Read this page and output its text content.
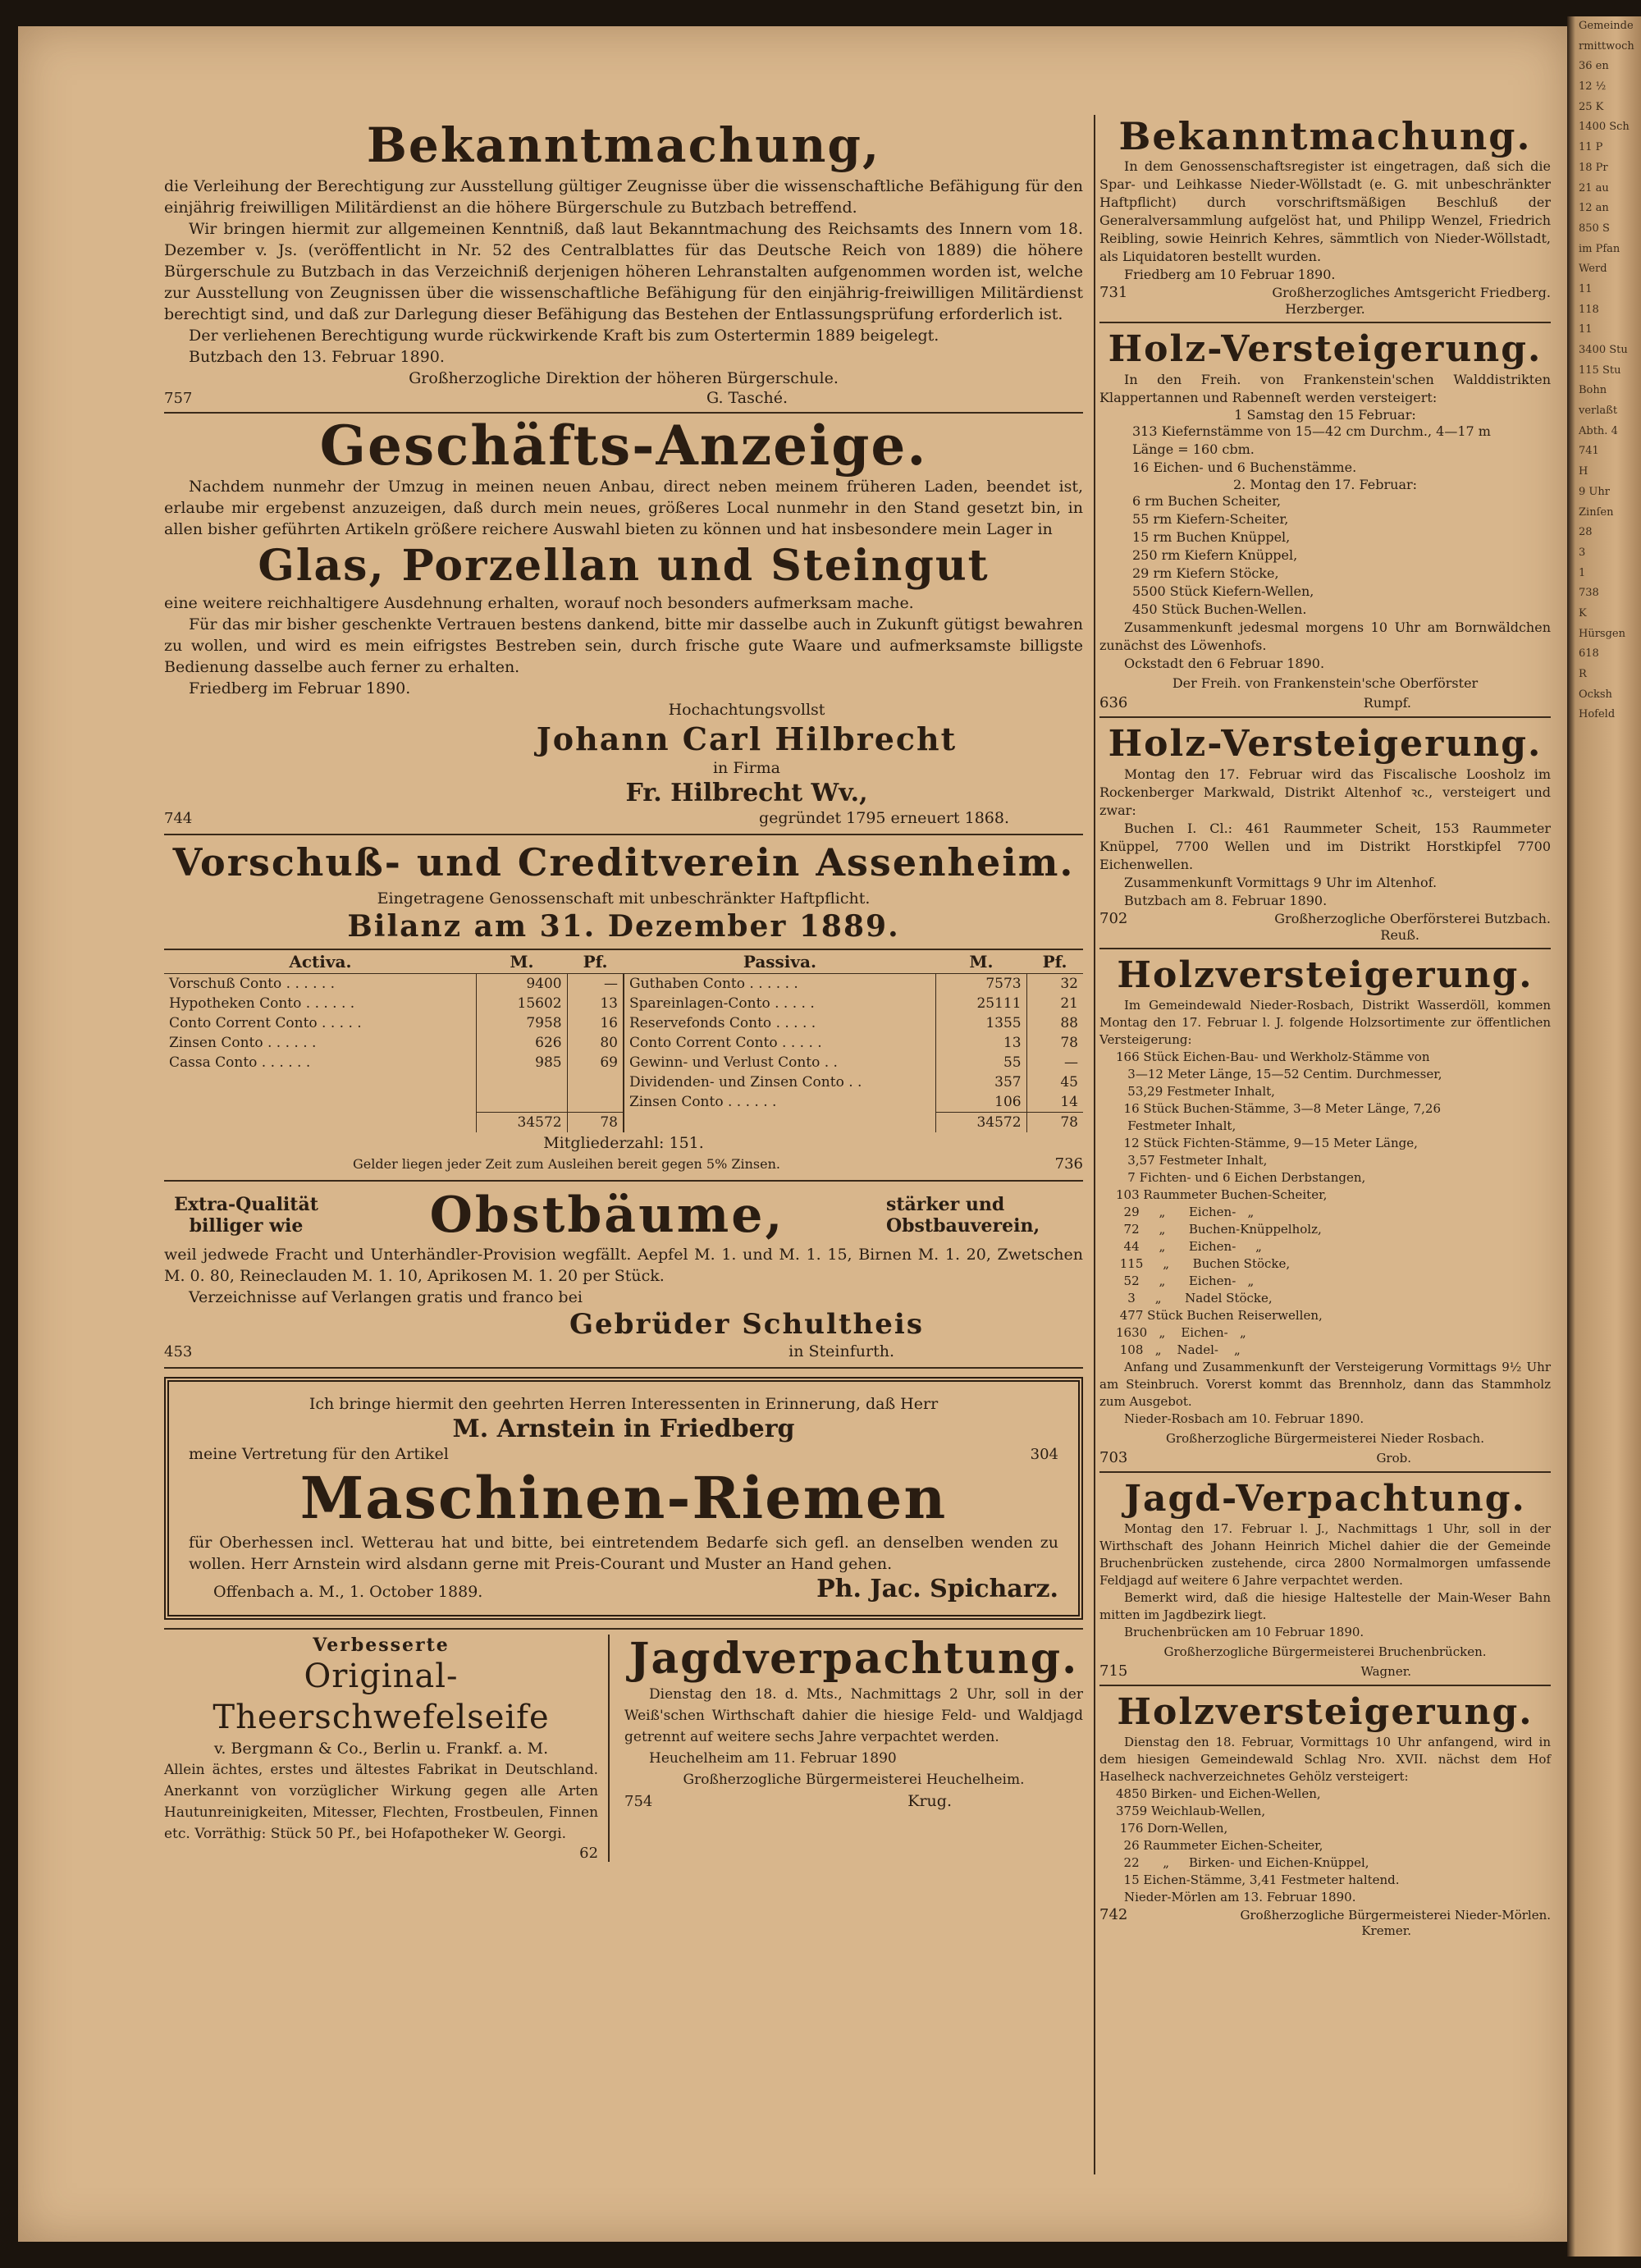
Gemeinde
rmittwoch
36 en
12 ½
25 K
1400 Sch
11 P
18 Pr
21 au
12 an
850 S
im Pfan
Werd
11
118
11
3400 Stu
115 Stu
Bohn
verlaßt
Abth. 4
741
H
9 Uhr
Zinſen
28
3
1
738
K
Hürsgen
618
R
Ocksh
Hofeld
Bekanntmachung,

die Verleihung der Berechtigung zur Ausstellung gültiger Zeugnisse über die wissenschaftliche Befähigung für den einjährig freiwilligen Militärdienst an die höhere Bürgerschule zu Butzbach betreffend.

Wir bringen hiermit zur allgemeinen Kenntniß, daß laut Bekanntmachung des Reichsamts des Innern vom 18. Dezember v. Js. (veröffentlicht in Nr. 52 des Centralblattes für das Deutsche Reich von 1889) die höhere Bürgerschule zu Butzbach in das Verzeichniß derjenigen höheren Lehranstalten aufgenommen worden ist, welche zur Ausstellung von Zeugnissen über die wissenschaftliche Befähigung für den einjährig-freiwilligen Militärdienst berechtigt sind, und daß zur Darlegung dieser Befähigung das Bestehen der Entlassungsprüfung erforderlich ist.

Der verliehenen Berechtigung wurde rückwirkende Kraft bis zum Ostertermin 1889 beigelegt.

Butzbach den 13. Februar 1890.

Großherzogliche Direktion der höheren Bürgerschule.

757	G. Tasché.
Geschäfts-Anzeige.

Nachdem nunmehr der Umzug in meinen neuen Anbau, direct neben meinem früheren Laden, beendet ist, erlaube mir ergebenst anzuzeigen, daß durch mein neues, größeres Local nunmehr in den Stand gesetzt bin, in allen bisher geführten Artikeln größere reichere Auswahl bieten zu können und hat insbesondere mein Lager in

Glas, Porzellan und Steingut

eine weitere reichhaltigere Ausdehnung erhalten, worauf noch besonders aufmerksam mache.

Für das mir bisher geschenkte Vertrauen bestens dankend, bitte mir dasselbe auch in Zukunft gütigst bewahren zu wollen, und wird es mein eifrigstes Bestreben sein, durch frische gute Waare und aufmerksamste billigste Bedienung dasselbe auch ferner zu erhalten.

Friedberg im Februar 1890.

Hochachtungsvollst
Johann Carl Hilbrecht
in Firma
Fr. Hilbrecht Wv.,
744	gegründet 1795 erneuert 1868.
Vorschuß- und Creditverein Assenheim.
Eingetragene Genossenschaft mit unbeschränkter Haftpflicht.
Bilanz am 31. Dezember 1889.
Activa.	M.	Pf.	Passiva.	M.	Pf.
Vorschuß Conto . . . . . .	9400	—	Guthaben Conto . . . . . .	7573	32
Hypotheken Conto . . . . . .	15602	13	Spareinlagen-Conto . . . . .	25111	21
Conto Corrent Conto . . . . .	7958	16	Reservefonds Conto . . . . .	1355	88
Zinsen Conto . . . . . .	626	80	Conto Corrent Conto . . . . .	13	78
Cassa Conto . . . . . .	985	69	Gewinn- und Verlust Conto . .	55	—
			Dividenden- und Zinsen Conto . .	357	45
			Zinsen Conto . . . . . .	106	14
	34572	78		34572	78
Mitgliederzahl: 151.
Gelder liegen jeder Zeit zum Ausleihen bereit gegen 5% Zinsen.	736
Extra-Qualität billiger wie	Obstbäume,	stärker und Obstbauverein,

weil jedwede Fracht und Unterhändler-Provision wegfällt. Aepfel M. 1. und M. 1. 15, Birnen M. 1. 20, Zwetschen M. 0. 80, Reineclauden M. 1. 10, Aprikosen M. 1. 20 per Stück.

Verzeichnisse auf Verlangen gratis und franco bei

Gebrüder Schultheis
453	in Steinfurth.

Ich bringe hiermit den geehrten Herren Interessenten in Erinnerung, daß Herr

M. Arnstein in Friedberg
meine Vertretung für den Artikel	304
Maschinen-Riemen

für Oberhessen incl. Wetterau hat und bitte, bei eintretendem Bedarfe sich gefl. an denselben wenden zu wollen. Herr Arnstein wird alsdann gerne mit Preis-Courant und Muster an Hand gehen.

Offenbach a. M., 1. October 1889.	Ph. Jac. Spicharz.
Verbesserte
Original-Theerschwefelseife
v. Bergmann & Co., Berlin u. Frankf. a. M.

Allein ächtes, erstes und ältestes Fabrikat in Deutschland. Anerkannt von vorzüglicher Wirkung gegen alle Arten Hautunreinigkeiten, Mitesser, Flechten, Frostbeulen, Finnen etc. Vorräthig: Stück 50 Pf., bei Hofapotheker W. Georgi.

62
Jagdverpachtung.

Dienstag den 18. d. Mts., Nachmittags 2 Uhr, soll in der Weiß'schen Wirthschaft dahier die hiesige Feld- und Waldjagd getrennt auf weitere sechs Jahre verpachtet werden.

Heuchelheim am 11. Februar 1890

Großherzogliche Bürgermeisterei Heuchelheim.

754	Krug.
Bekanntmachung.

In dem Genossenschaftsregister ist eingetragen, daß sich die Spar- und Leihkasse Nieder-Wöllstadt (e. G. mit unbeschränkter Haftpflicht) durch vorschriftsmäßigen Beschluß der Generalversammlung aufgelöst hat, und Philipp Wenzel, Friedrich Reibling, sowie Heinrich Kehres, sämmtlich von Nieder-Wöllstadt, als Liquidatoren bestellt wurden.

Friedberg am 10 Februar 1890.

731	Großherzogliches Amtsgericht Friedberg.
Herzberger.
Holz-Versteigerung.

In den Freih. von Frankenstein'schen Walddistrikten Klappertannen und Rabenneſt werden versteigert:

1 Samstag den 15 Februar:
313 Kiefernstämme von 15—42 cm Durchm., 4—17 m
Länge = 160 cbm.
16 Eichen- und 6 Buchenstämme.
2. Montag den 17. Februar:
6 rm Buchen Scheiter,
55 rm Kiefern-Scheiter,
15 rm Buchen Knüppel,
250 rm Kiefern Knüppel,
29 rm Kiefern Stöcke,
5500 Stück Kiefern-Wellen,
450 Stück Buchen-Wellen.

Zusammenkunft jedesmal morgens 10 Uhr am Bornwäldchen zunächst des Löwenhofs.

Ockstadt den 6 Februar 1890.

Der Freih. von Frankenstein'sche Oberförster
636	Rumpf.
Holz-Versteigerung.

Montag den 17. Februar wird das Fiscalische Loosholz im Rockenberger Markwald, Distrikt Altenhof ꝛc., versteigert und zwar:

Buchen I. Cl.: 461 Raummeter Scheit, 153 Raummeter Knüppel, 7700 Wellen und im Distrikt Horstkipfel 7700 Eichenwellen.

Zusammenkunft Vormittags 9 Uhr im Altenhof.

Butzbach am 8. Februar 1890.

702	Großherzogliche Oberförsterei Butzbach.
Reuß.
Holzversteigerung.

Im Gemeindewald Nieder-Rosbach, Distrikt Wasserdöll, kommen Montag den 17. Februar l. J. folgende Holzsortimente zur öffentlichen Versteigerung:

166 Stück Eichen-Bau- und Werkholz-Stämme von
3—12 Meter Länge, 15—52 Centim. Durchmesser,
53,29 Festmeter Inhalt,
16 Stück Buchen-Stämme, 3—8 Meter Länge, 7,26
Festmeter Inhalt,
12 Stück Fichten-Stämme, 9—15 Meter Länge,
3,57 Festmeter Inhalt,
7 Fichten- und 6 Eichen Derbstangen,
103 Raummeter Buchen-Scheiter,
29     „      Eichen-   „
72     „      Buchen-Knüppelholz,
44     „      Eichen-     „
115     „      Buchen Stöcke,
52     „      Eichen-   „
3     „      Nadel Stöcke,
477 Stück Buchen Reiserwellen,
1630   „    Eichen-   „
108   „    Nadel-    „

Anfang und Zusammenkunft der Versteigerung Vormittags 9½ Uhr am Steinbruch. Vorerst kommt das Brennholz, dann das Stammholz zum Ausgebot.

Nieder-Rosbach am 10. Februar 1890.

Großherzogliche Bürgermeisterei Nieder Rosbach.
703	Grob.
Jagd-Verpachtung.

Montag den 17. Februar l. J., Nachmittags 1 Uhr, soll in der Wirthschaft des Johann Heinrich Michel dahier die der Gemeinde Bruchenbrücken zustehende, circa 2800 Normalmorgen umfassende Feldjagd auf weitere 6 Jahre verpachtet werden.

Bemerkt wird, daß die hiesige Haltestelle der Main-Weser Bahn mitten im Jagdbezirk liegt.

Bruchenbrücken am 10 Februar 1890.

Großherzogliche Bürgermeisterei Bruchenbrücken.
715	Wagner.
Holzversteigerung.

Dienstag den 18. Februar, Vormittags 10 Uhr anfangend, wird in dem hiesigen Gemeindewald Schlag Nro. XVII. nächst dem Hof Haselheck nachverzeichnetes Gehölz versteigert:

4850 Birken- und Eichen-Wellen,
3759 Weichlaub-Wellen,
176 Dorn-Wellen,
26 Raummeter Eichen-Scheiter,
22      „     Birken- und Eichen-Knüppel,
15 Eichen-Stämme, 3,41 Festmeter haltend.

Nieder-Mörlen am 13. Februar 1890.

742	Großherzogliche Bürgermeisterei Nieder-Mörlen.
Kremer.
